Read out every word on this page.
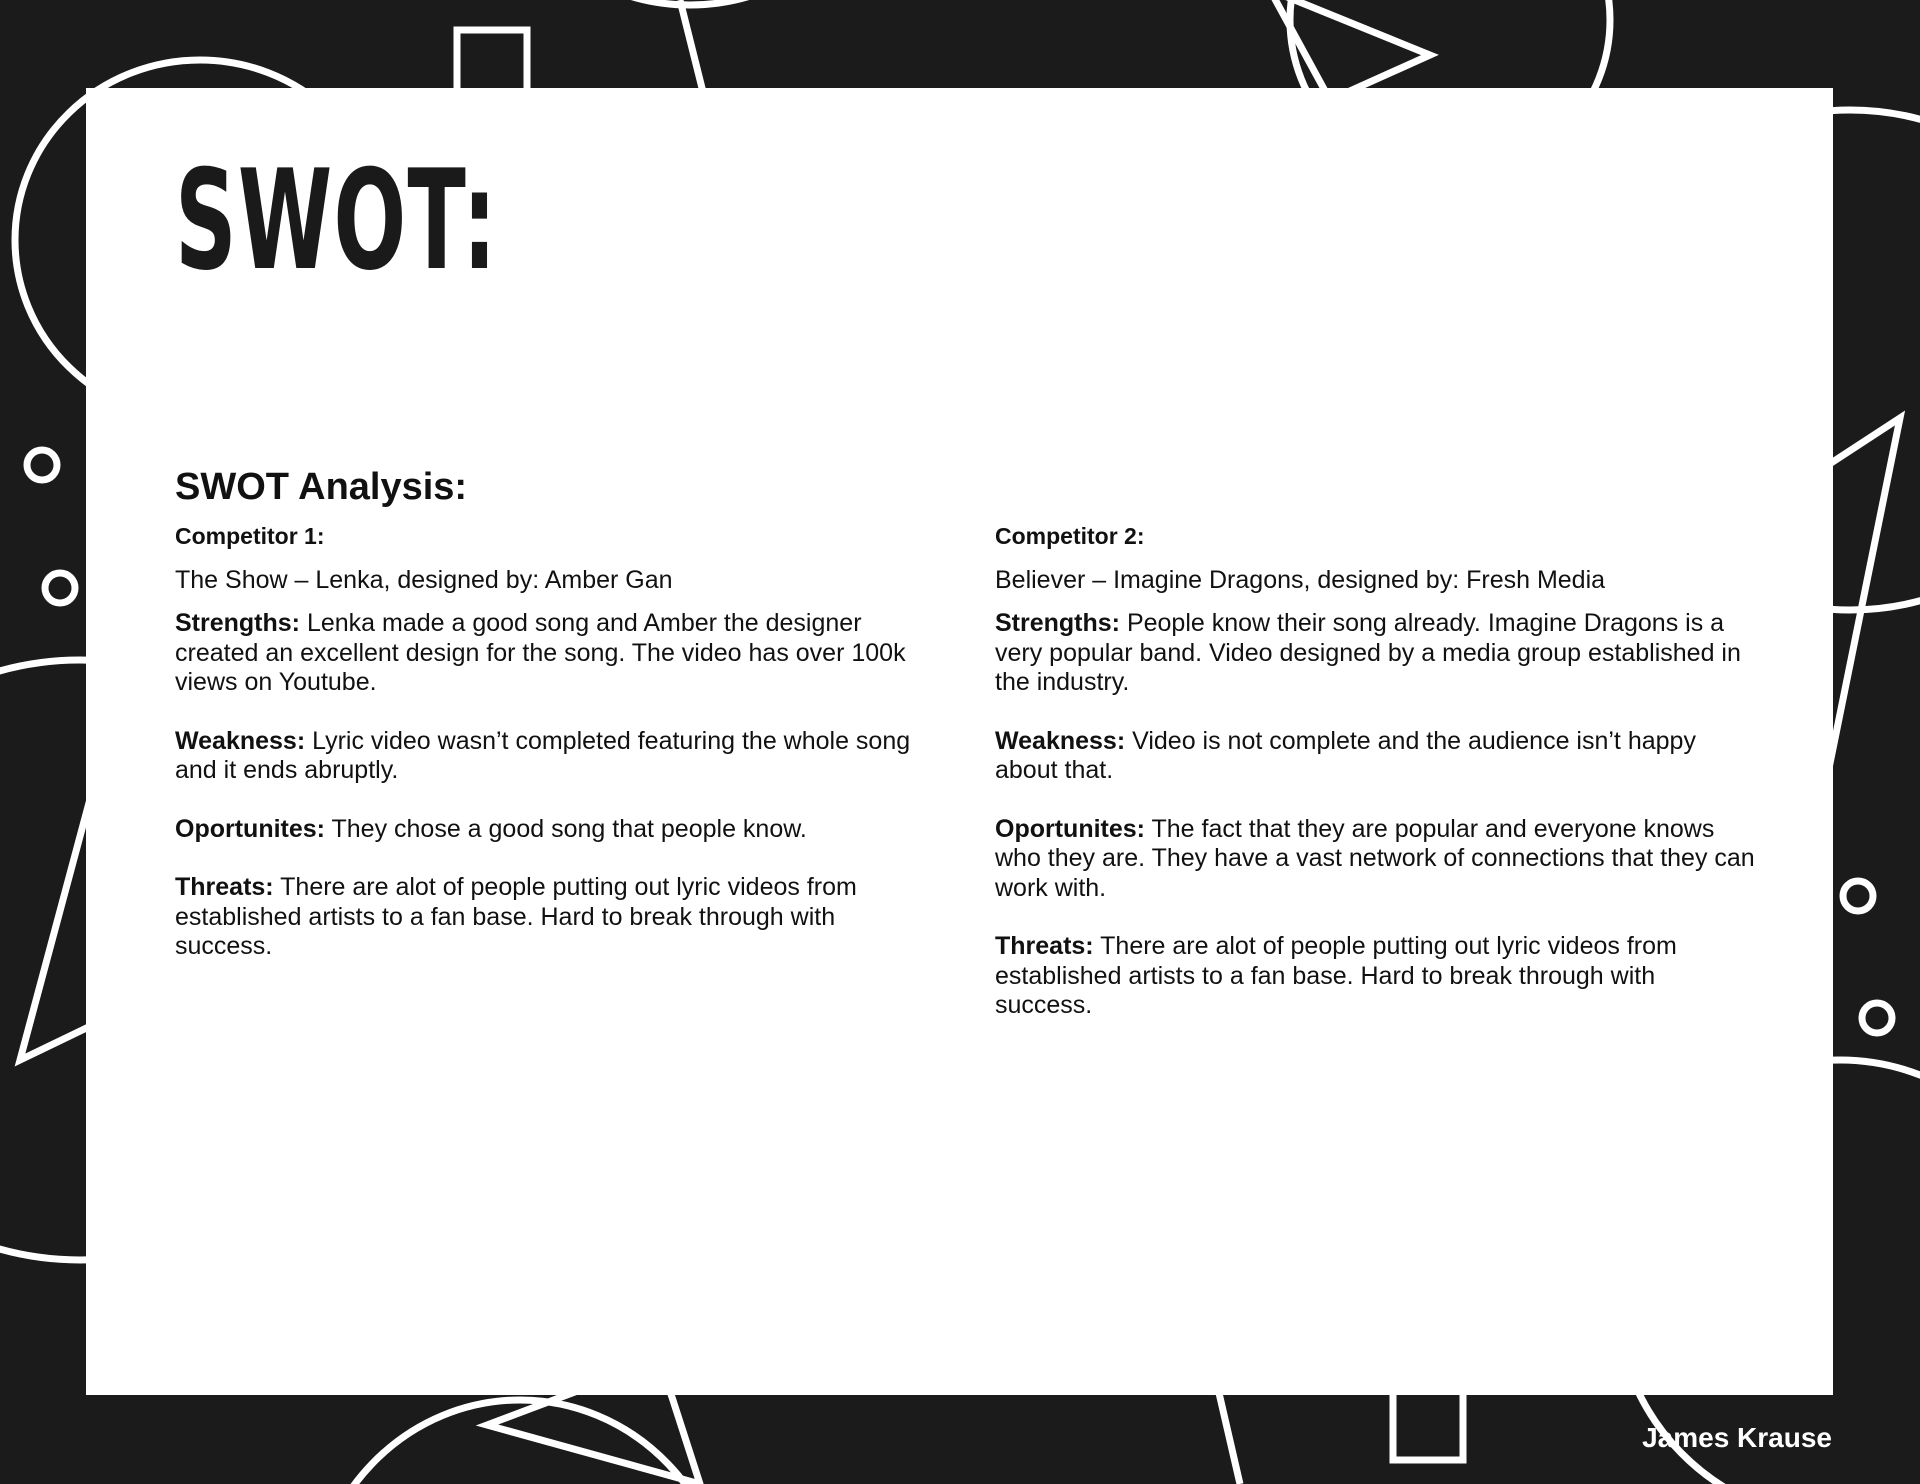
SWOT:
SWOT Analysis:

Competitor 1:

The Show – Lenka, designed by: Amber Gan

Strengths: Lenka made a good song and Amber the designer created an excellent design for the song. The video has over 100k views on Youtube.

Weakness: Lyric video wasn’t completed featuring the whole song and it ends abruptly.

Oportunites: They chose a good song that people know.

Threats: There are alot of people putting out lyric videos from established artists to a fan base. Hard to break through with success.

Competitor 2:

Believer – Imagine Dragons, designed by: Fresh Media

Strengths: People know their song already. Imagine Dragons is a very popular band. Video designed by a media group established in the industry.

Weakness: Video is not complete and the audience isn’t happy about that.

Oportunites: The fact that they are popular and everyone knows who they are. They have a vast network of connections that they can work with.

Threats: There are alot of people putting out lyric videos from established artists to a fan base. Hard to break through with success.

James Krause
